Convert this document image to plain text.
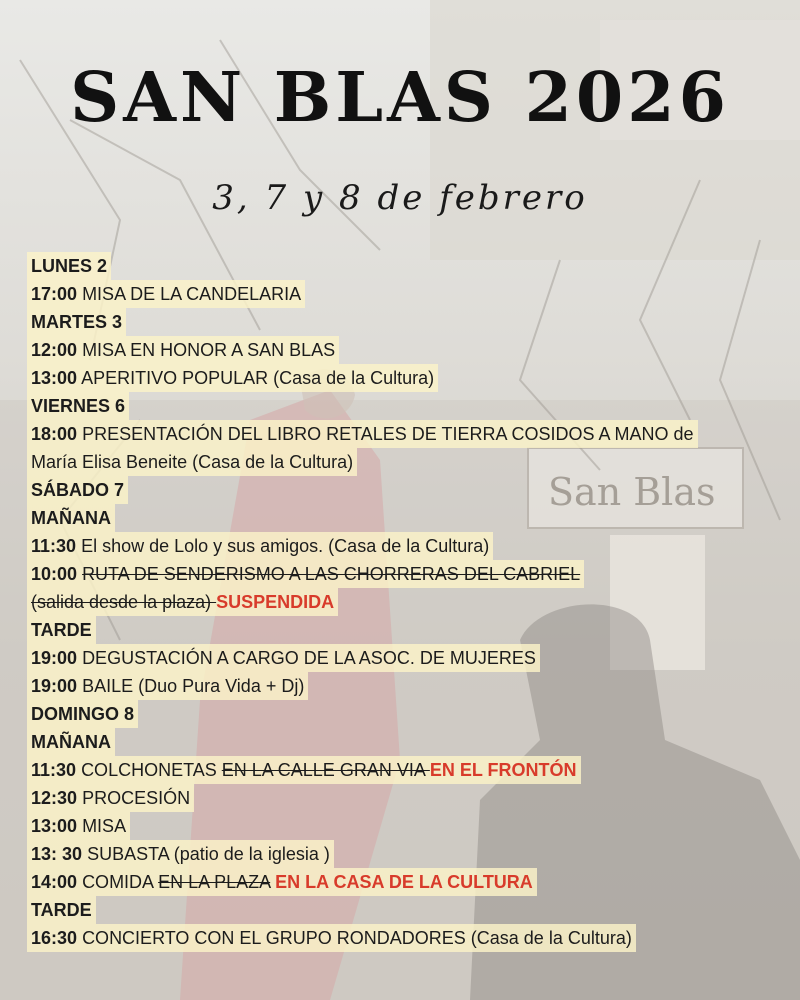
San Blas
SAN BLAS 2026

3, 7 y 8 de febrero

LUNES 2
17:00 MISA DE LA CANDELARIA
MARTES 3
12:00 MISA EN HONOR A SAN BLAS
13:00 APERITIVO POPULAR (Casa de la Cultura)
VIERNES 6
18:00 PRESENTACIÓN DEL LIBRO RETALES DE TIERRA COSIDOS A MANO de
María Elisa Beneite (Casa de la Cultura)
SÁBADO 7
MAÑANA
11:30 El show de Lolo y sus amigos. (Casa de la Cultura)
10:00 RUTA DE SENDERISMO A LAS CHORRERAS DEL CABRIEL
(salida desde la plaza) SUSPENDIDA
TARDE
19:00 DEGUSTACIÓN A CARGO DE LA ASOC. DE MUJERES
19:00 BAILE (Duo Pura Vida + Dj)
DOMINGO 8
MAÑANA
11:30 COLCHONETAS EN LA CALLE GRAN VIA EN EL FRONTÓN
12:30 PROCESIÓN
13:00 MISA
13: 30 SUBASTA (patio de la iglesia )
14:00 COMIDA EN LA PLAZA EN LA CASA DE LA CULTURA
TARDE
16:30 CONCIERTO CON EL GRUPO RONDADORES (Casa de la Cultura)
